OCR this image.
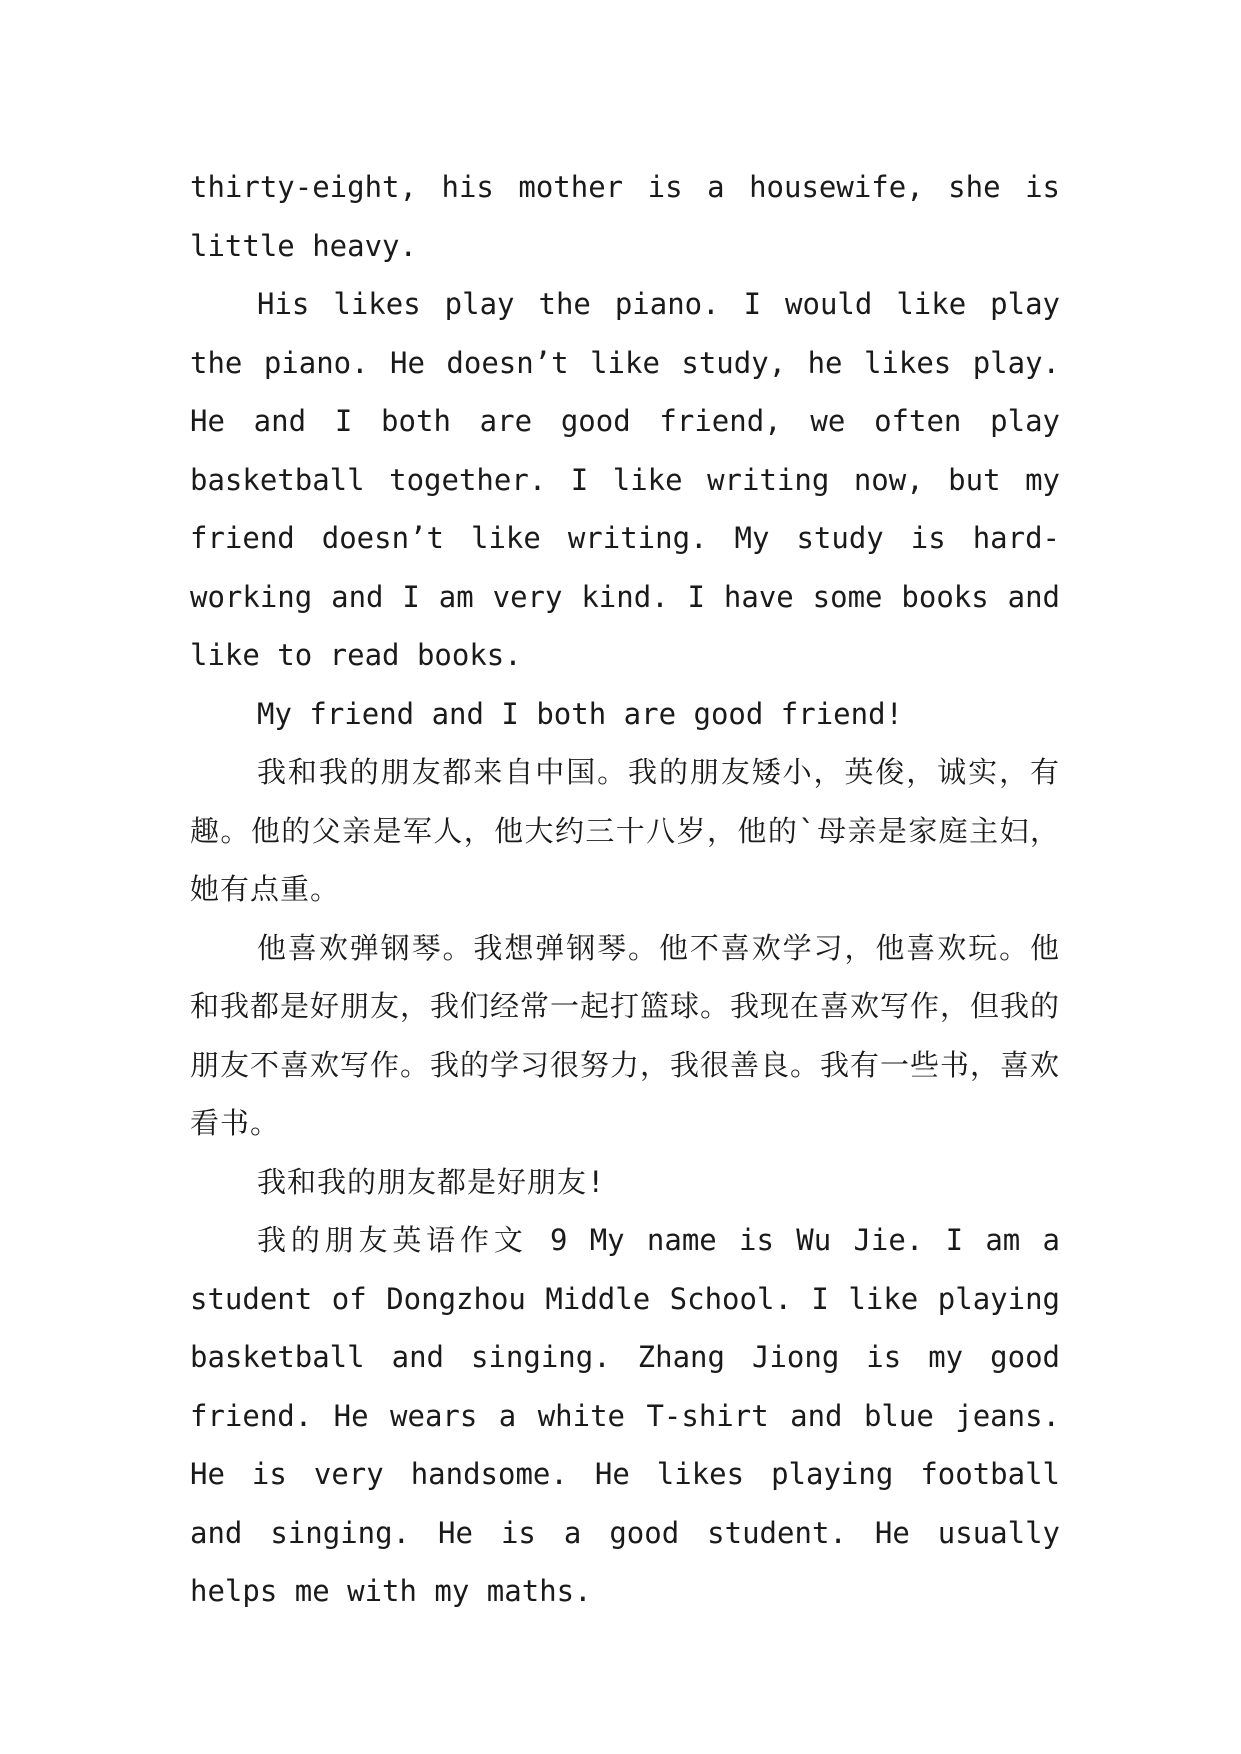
thirty-eight, his mother is a housewife, she is little heavy.

His likes play the piano. I would like play the piano. He doesn’t like study, he likes play. He and I both are good friend, we often play basketball together. I like writing now, but my friend doesn’t like writing. My study is hard-working and I am very kind. I have some books and like to read books.

My friend and I both are good friend!

我和我的朋友都来自中国。我的朋友矮小，英俊，诚实，有趣。他的父亲是军人，他大约三十八岁，他的`母亲是家庭主妇，她有点重。

他喜欢弹钢琴。我想弹钢琴。他不喜欢学习，他喜欢玩。他和我都是好朋友，我们经常一起打篮球。我现在喜欢写作，但我的朋友不喜欢写作。我的学习很努力，我很善良。我有一些书，喜欢看书。

我和我的朋友都是好朋友!

我的朋友英语作文 9 My name is Wu Jie. I am a student of Dongzhou Middle School. I like playing basketball and singing. Zhang Jiong is my good friend. He wears a white T-shirt and blue jeans. He is very handsome. He likes playing football and singing. He is a good student. He usually helps me with my maths.
